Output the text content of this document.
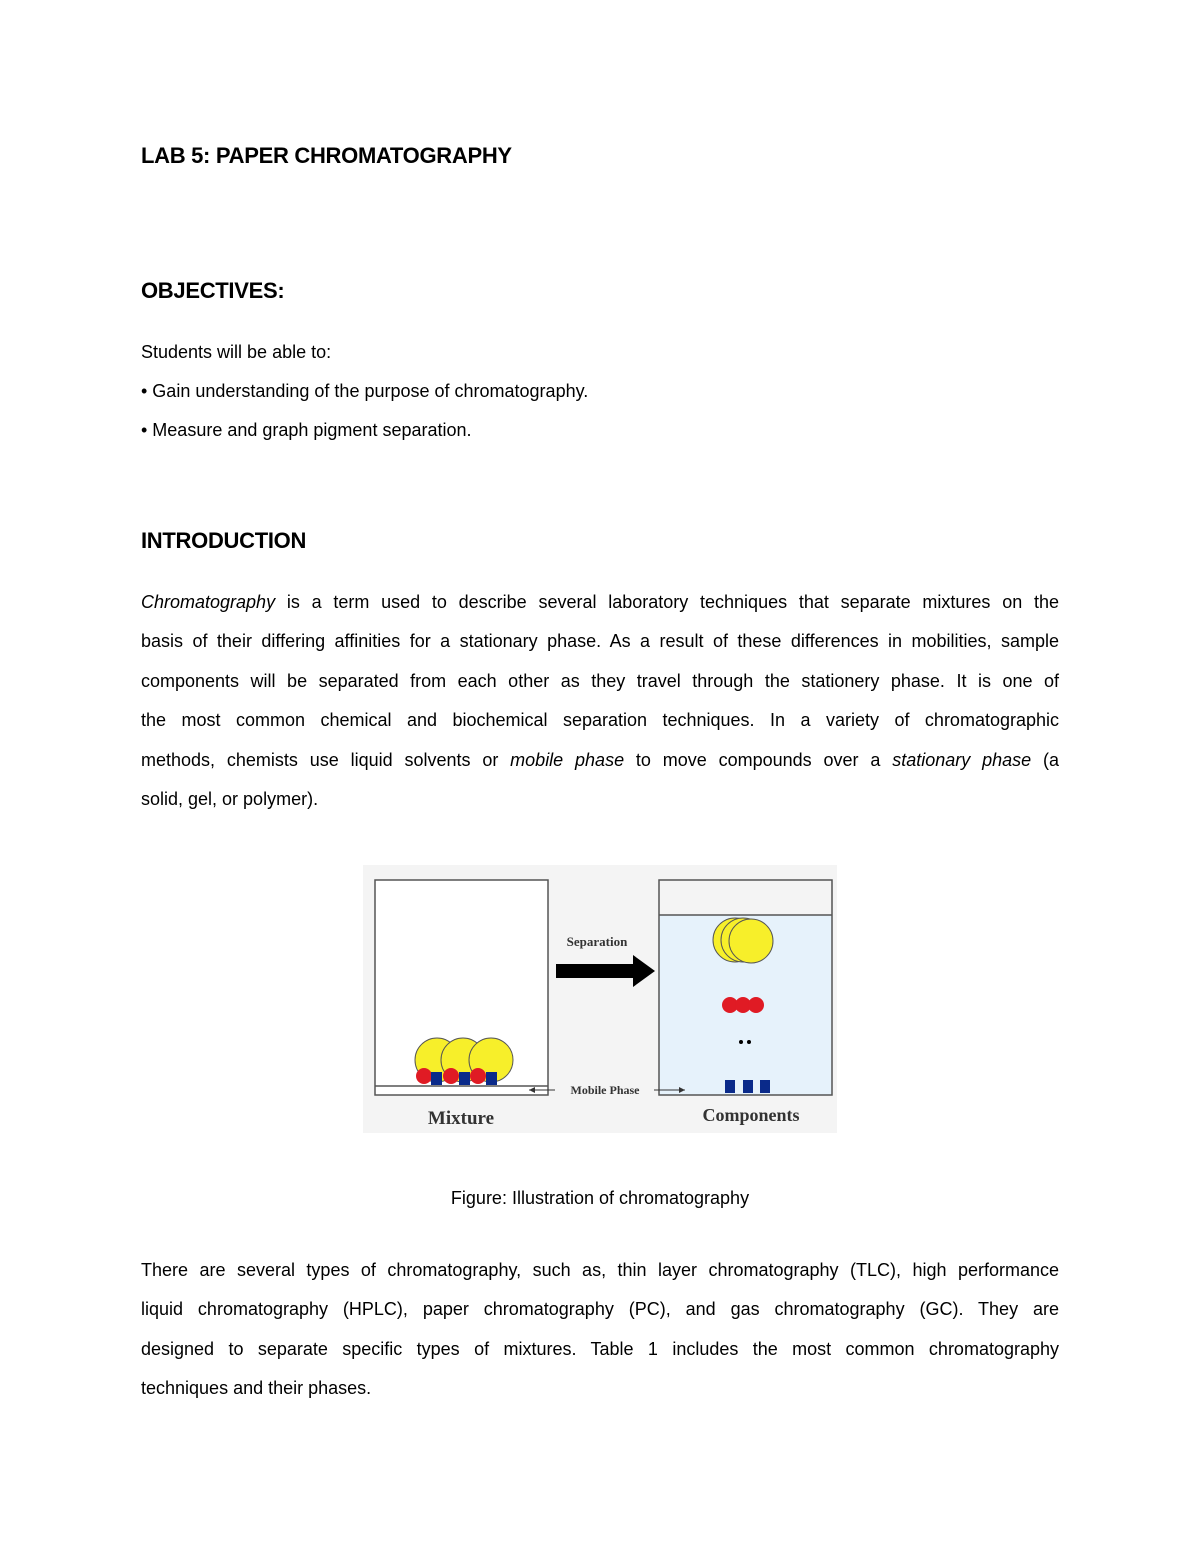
LAB 5: PAPER CHROMATOGRAPHY
OBJECTIVES:

Students will be able to:

• Gain understanding of the purpose of chromatography.

• Measure and graph pigment separation.

INTRODUCTION
Chromatography is a term used to describe several laboratory techniques that separate mixtures on the
basis of their differing affinities for a stationary phase. As a result of these differences in mobilities, sample
components will be separated from each other as they travel through the stationery phase. It is one of
the most common chemical and biochemical separation techniques. In a variety of chromatographic
methods, chemists use liquid solvents or mobile phase to move compounds over a stationary phase (a
solid, gel, or polymer).
Separation
Mobile Phase
Mixture	Components

Figure: Illustration of chromatography

There are several types of chromatography, such as, thin layer chromatography (TLC), high performance
liquid chromatography (HPLC), paper chromatography (PC), and gas chromatography (GC). They are
designed to separate specific types of mixtures. Table 1 includes the most common chromatography
techniques and their phases.
